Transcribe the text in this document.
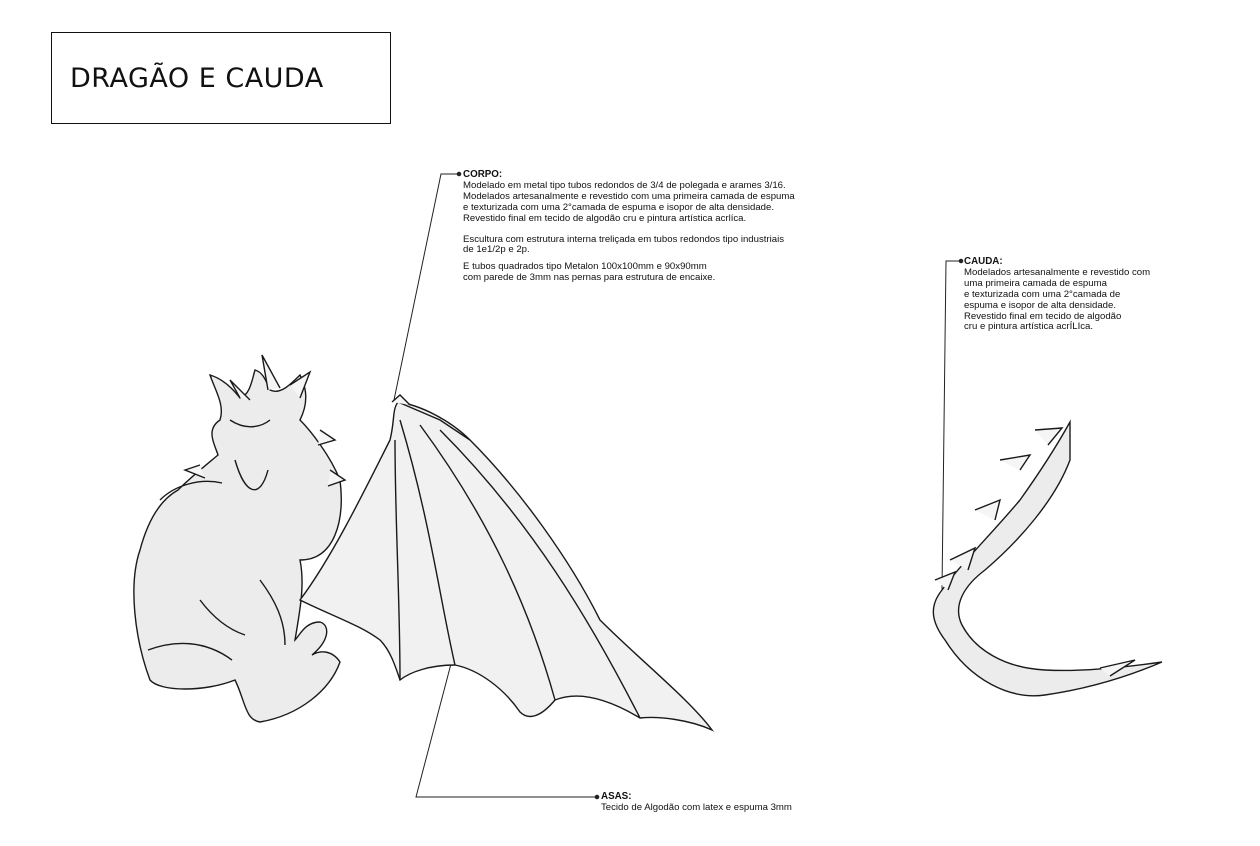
DRAGÃO E CAUDA
CORPO:
Modelado em metal tipo tubos redondos de 3/4 de polegada e arames 3/16.
Modelados artesanalmente e revestido com uma primeira camada de espuma
e texturizada com uma 2°camada de espuma e isopor de alta densidade.
Revestido final em tecido de algodão cru e pintura artística acrlíca.
Escultura com estrutura interna treliçada em tubos redondos tipo industriais
de 1e1/2p e 2p.
E tubos quadrados tipo Metalon 100x100mm e 90x90mm
com parede de 3mm nas pernas para estrutura de encaixe.
CAUDA:
Modelados artesanalmente e revestido com
uma primeira camada de espuma
e texturizada com uma 2°camada de
espuma e isopor de alta densidade.
Revestido final em tecido de algodão
cru e pintura artística acrÍLIca.
ASAS:
Tecido de Algodão com latex e espuma 3mm
